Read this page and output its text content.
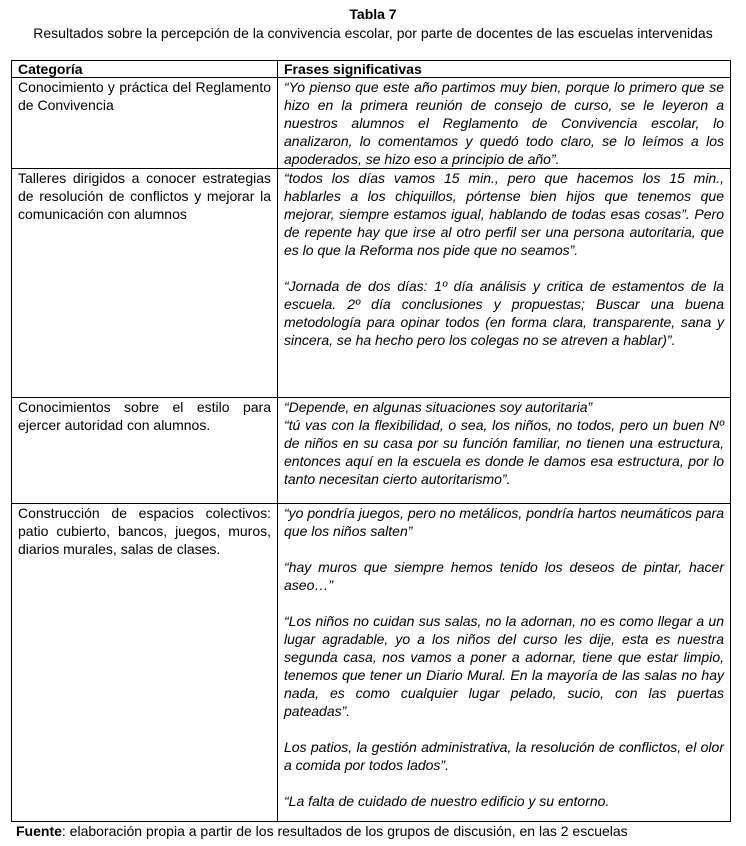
Tabla 7
Resultados sobre la percepción de la convivencia escolar, por parte de docentes de las escuelas intervenidas
Categoría	Frases significativas
Conocimiento y práctica del Reglamento de Convivencia	“Yo pienso que este año partimos muy bien, porque lo primero que se hizo en la primera reunión de consejo de curso, se le leyeron a nuestros alumnos el Reglamento de Convivencia escolar, lo analizaron, lo comentamos y quedó todo claro, se lo leímos a los apoderados, se hizo eso a principio de año”.

Talleres dirigidos a conocer estrategias de resolución de conflictos y mejorar la comunicación con alumnos	“todos los días vamos 15 min., pero que hacemos los 15 min., hablarles a los chiquillos, pórtense bien hijos que tenemos que mejorar, siempre estamos igual, hablando de todas esas cosas”. Pero de repente hay que irse al otro perfil ser una persona autoritaria, que es lo que la Reforma nos pide que no seamos”.

“Jornada de dos días: 1º día análisis y critica de estamentos de la escuela. 2º día conclusiones y propuestas; Buscar una buena metodología para opinar todos (en forma clara, transparente, sana y sincera, se ha hecho pero los colegas no se atreven a hablar)”.

Conocimientos sobre el estilo para ejercer autoridad con alumnos.	“Depende, en algunas situaciones soy autoritaria”

“tú vas con la flexibilidad, o sea, los niños, no todos, pero un buen Nº de niños en su casa por su función familiar, no tienen una estructura, entonces aquí en la escuela es donde le damos esa estructura, por lo tanto necesitan cierto autoritarismo”.

Construcción de espacios colectivos: patio cubierto, bancos, juegos, muros, diarios murales, salas de clases.	“yo pondría juegos, pero no metálicos, pondría hartos neumáticos para que los niños salten”

“hay muros que siempre hemos tenido los deseos de pintar, hacer aseo…”

“Los niños no cuidan sus salas, no la adornan, no es como llegar a un lugar agradable, yo a los niños del curso les dije, esta es nuestra segunda casa, nos vamos a poner a adornar, tiene que estar limpio, tenemos que tener un Diario Mural. En la mayoría de las salas no hay nada, es como cualquier lugar pelado, sucio, con las puertas pateadas”.

Los patios, la gestión administrativa, la resolución de conflictos, el olor a comida por todos lados”.

“La falta de cuidado de nuestro edificio y su entorno.

Fuente: elaboración propia a partir de los resultados de los grupos de discusión, en las 2 escuelas
